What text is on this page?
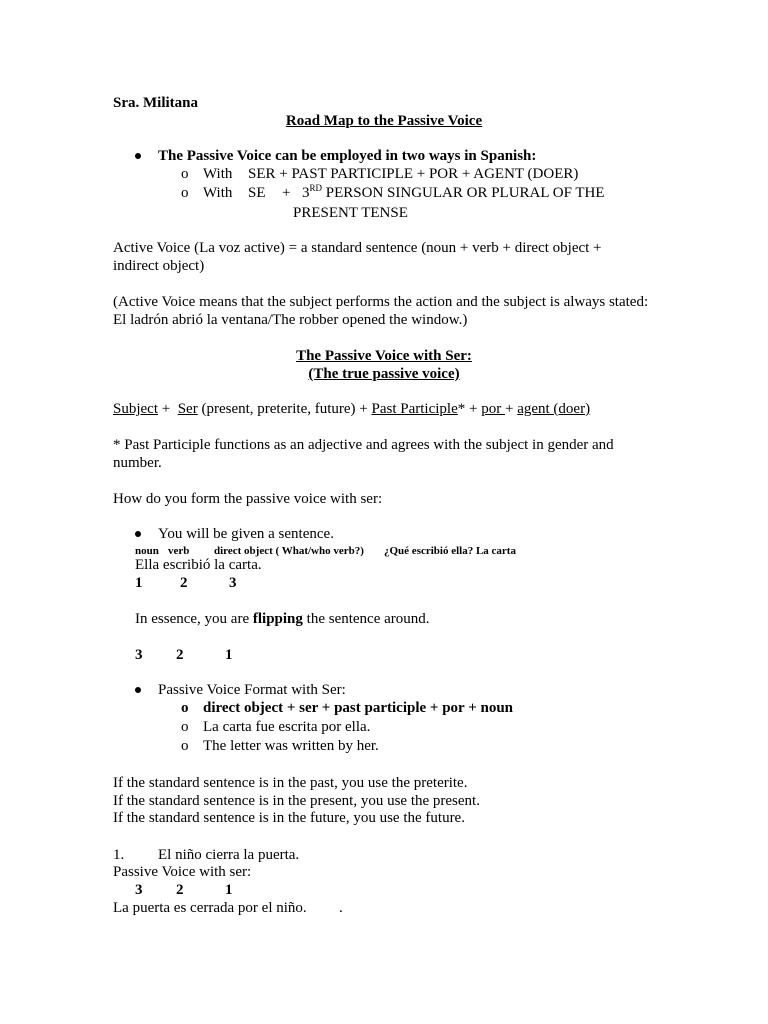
Sra. Militana
Road Map to the Passive Voice
The Passive Voice can be employed in two ways in Spanish:
o With SER + PAST PARTICIPLE + POR + AGENT (DOER)
o With SE + 3RD PERSON SINGULAR OR PLURAL OF THE
PRESENT TENSE
Active Voice (La voz active) = a standard sentence (noun + verb + direct object +
indirect object)
(Active Voice means that the subject performs the action and the subject is always stated:
El ladrón abrió la ventana/The robber opened the window.)
The Passive Voice with Ser:
(The true passive voice)
Subject +  Ser (present, preterite, future) + Past Participle* + por + agent (doer)
* Past Participle functions as an adjective and agrees with the subject in gender and
number.
How do you form the passive voice with ser:
You will be given a sentence.
noun verb direct object ( What/who verb?) ¿Qué escribió ella? La carta
Ella escribió la carta.
1	2	3
In essence, you are flipping the sentence around.
3 2	1
Passive Voice Format with Ser:
o direct object + ser + past participle + por + noun
o La carta fue escrita por ella.
o The letter was written by her.
If the standard sentence is in the past, you use the preterite.
If the standard sentence is in the present, you use the present.
If the standard sentence is in the future, you use the future.
1. El niño cierra la puerta.
Passive Voice with ser:
3 2	1
La puerta es cerrada por el niño. .
